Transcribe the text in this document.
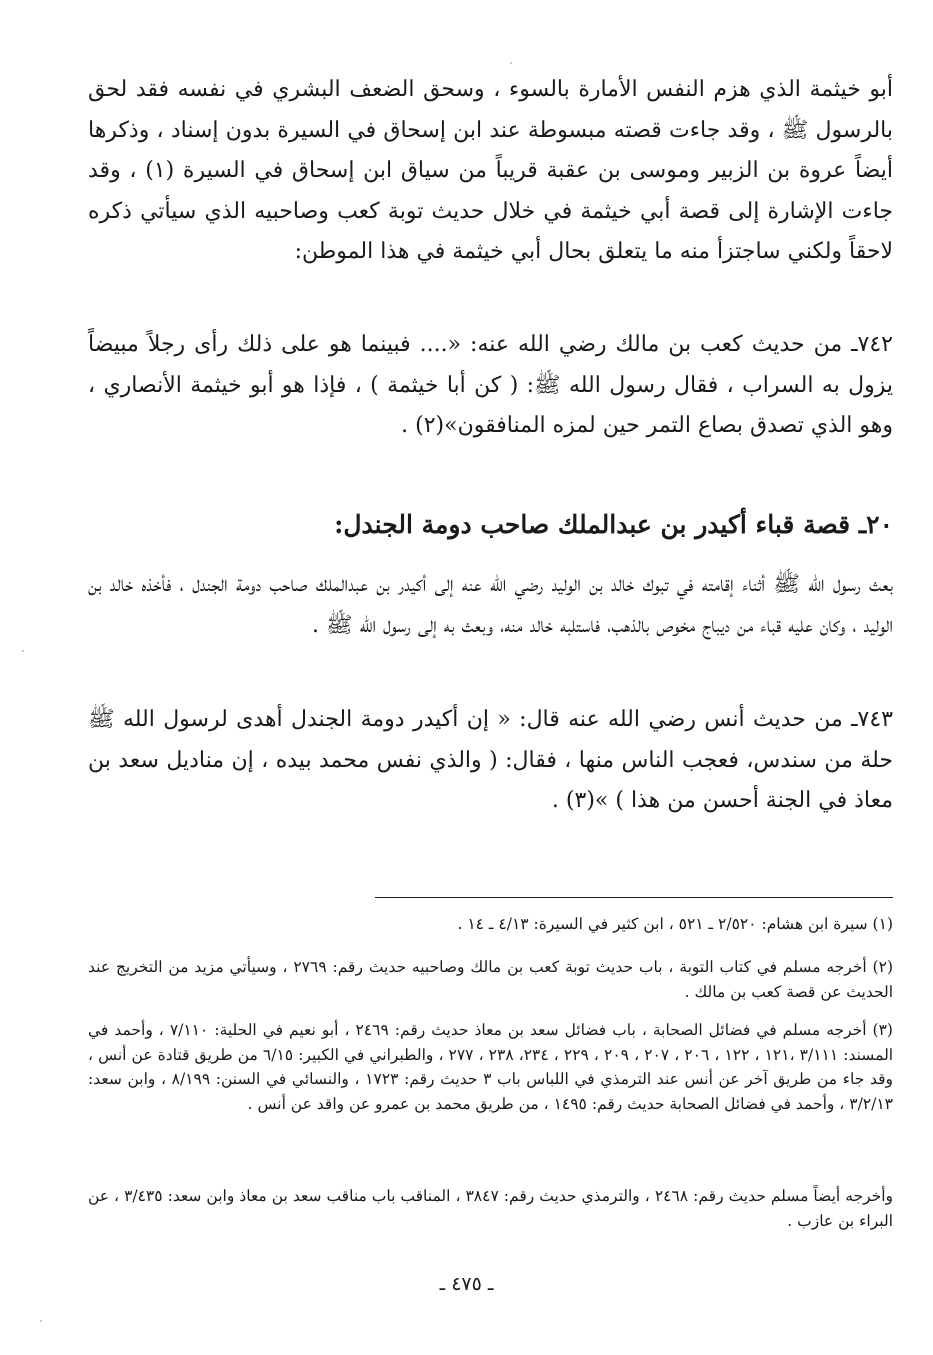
أبو خيثمة الذي هزم النفس الأمارة بالسوء ، وسحق الضعف البشري في نفسه فقد لحق بالرسول ﷺ ، وقد جاءت قصته مبسوطة عند ابن إسحاق في السيرة بدون إسناد ، وذكرها أيضاً عروة بن الزبير وموسى بن عقبة قريباً من سياق ابن إسحاق في السيرة (١) ، وقد جاءت الإشارة إلى قصة أبي خيثمة في خلال حديث توبة كعب وصاحبيه الذي سيأتي ذكره لاحقاً ولكني ساجتزأ منه ما يتعلق بحال أبي خيثمة في هذا الموطن:

٧٤٢ـ من حديث كعب بن مالك رضي الله عنه: «.... فبينما هو على ذلك رأى رجلاً مبيضاً يزول به السراب ، فقال رسول الله ﷺ: ( كن أبا خيثمة ) ، فإذا هو أبو خيثمة الأنصاري ، وهو الذي تصدق بصاع التمر حين لمزه المنافقون»(٢) .

٢٠ـ قصة قباء أكيدر بن عبدالملك صاحب دومة الجندل:

بعث رسول الله ﷺ أثناء إقامته في تبوك خالد بن الوليد رضي الله عنه إلى أكيدر بن عبدالملك صاحب دومة الجندل ، فأخذه خالد بن الوليد ، وكان عليه قباء من ديباج مخوص بالذهب، فاستلبه خالد منه، وبعث به إلى رسول الله ﷺ .

٧٤٣ـ من حديث أنس رضي الله عنه قال: « إن أكيدر دومة الجندل أهدى لرسول الله ﷺ حلة من سندس، فعجب الناس منها ، فقال: ( والذي نفس محمد بيده ، إن مناديل سعد بن معاذ في الجنة أحسن من هذا ) »(٣) .

(١) سيرة ابن هشام: ٢/٥٢٠ ـ ٥٢١ ، ابن كثير في السيرة: ٤/١٣ ـ ١٤ .

(٢) أخرجه مسلم في كتاب التوبة ، باب حديث توبة كعب بن مالك وصاحبيه حديث رقم: ٢٧٦٩ ، وسيأتي مزيد من التخريج عند الحديث عن قصة كعب بن مالك .

(٣) أخرجه مسلم في فضائل الصحابة ، باب فضائل سعد بن معاذ حديث رقم: ٢٤٦٩ ، أبو نعيم في الحلية: ٧/١١٠ ، وأحمد في المسند: ٣/١١١ ،١٢١ ، ١٢٢ ، ٢٠٦ ، ٢٠٧ ، ٢٠٩ ، ٢٢٩ ، ٢٣٤، ٢٣٨ ، ٢٧٧ ، والطبراني في الكبير: ٦/١٥ من طريق قتادة عن أنس ، وقد جاء من طريق آخر عن أنس عند الترمذي في اللباس باب ٣ حديث رقم: ١٧٢٣ ، والنسائي في السنن: ٨/١٩٩ ، وابن سعد: ٣/٢/١٣ ، وأحمد في فضائل الصحابة حديث رقم: ١٤٩٥ ، من طريق محمد بن عمرو عن واقد عن أنس .

وأخرجه أيضاً مسلم حديث رقم: ٢٤٦٨ ، والترمذي حديث رقم: ٣٨٤٧ ، المناقب باب مناقب سعد بن معاذ وابن سعد: ٣/٤٣٥ ، عن البراء بن عازب .

ـ ٤٧٥ ـ
